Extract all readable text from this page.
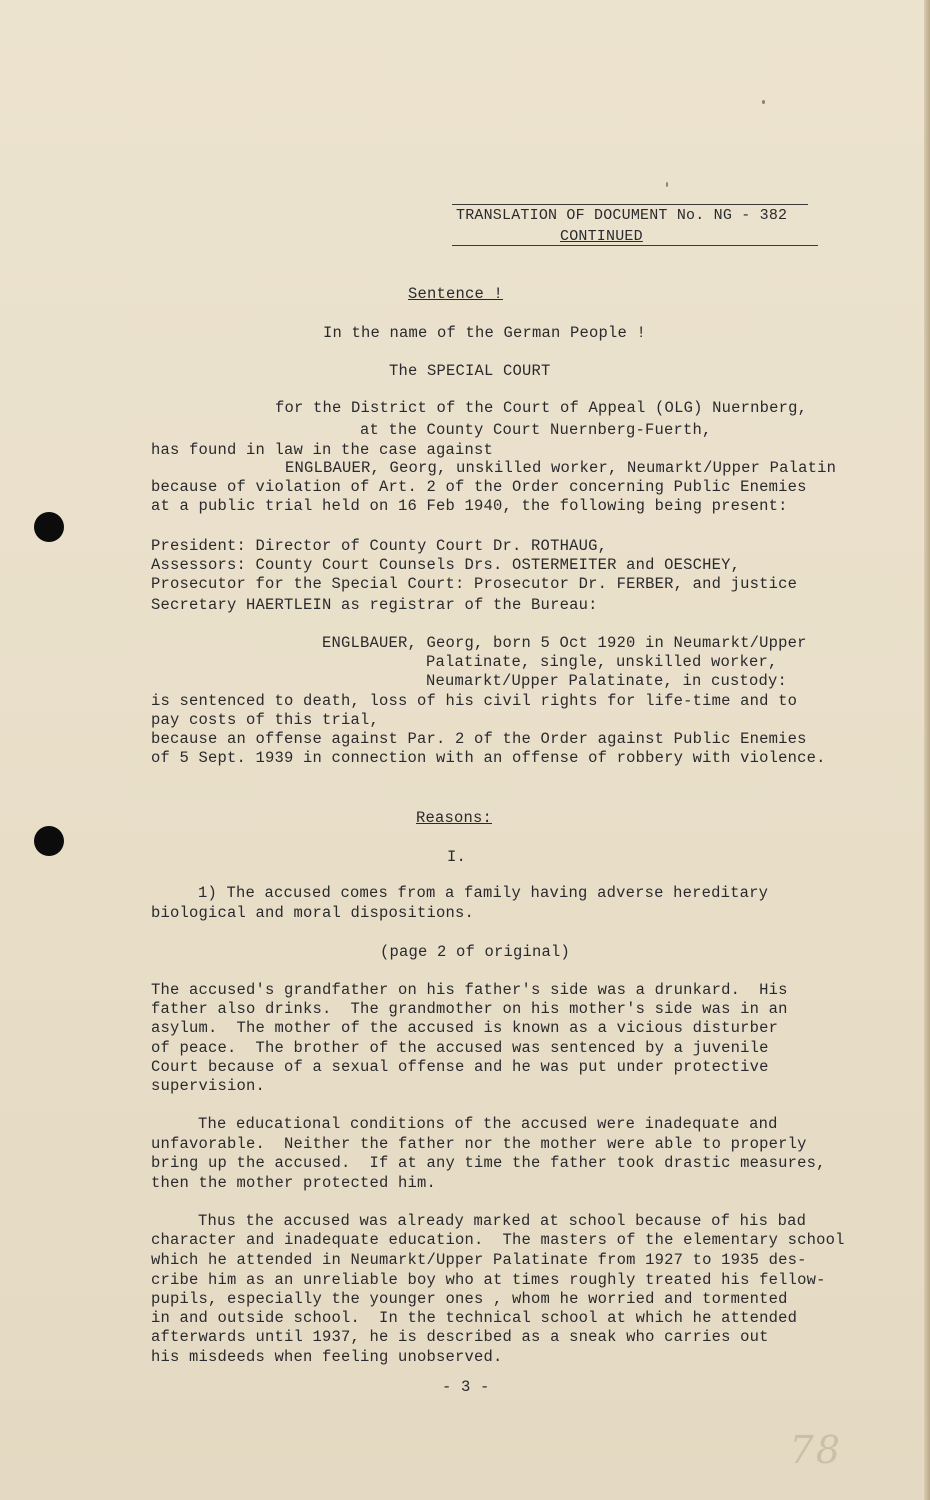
TRANSLATION OF DOCUMENT No. NG - 382
CONTINUED
Sentence !
In the name of the German People !
The SPECIAL COURT
for the District of the Court of Appeal (OLG) Nuernberg,
at the County Court Nuernberg-Fuerth,
has found in law in the case against
ENGLBAUER, Georg, unskilled worker, Neumarkt/Upper Palatin
because of violation of Art. 2 of the Order concerning Public Enemies
at a public trial held on 16 Feb 1940, the following being present:
President: Director of County Court Dr. ROTHAUG,
Assessors: County Court Counsels Drs. OSTERMEITER and OESCHEY,
Prosecutor for the Special Court: Prosecutor Dr. FERBER, and justice
Secretary HAERTLEIN as registrar of the Bureau:
ENGLBAUER, Georg, born 5 Oct 1920 in Neumarkt/Upper
Palatinate, single, unskilled worker,
Neumarkt/Upper Palatinate, in custody:
is sentenced to death, loss of his civil rights for life-time and to
pay costs of this trial,
because an offense against Par. 2 of the Order against Public Enemies
of 5 Sept. 1939 in connection with an offense of robbery with violence.
Reasons:
I.
1) The accused comes from a family having adverse hereditary
biological and moral dispositions.
(page 2 of original)
The accused's grandfather on his father's side was a drunkard.  His
father also drinks.  The grandmother on his mother's side was in an
asylum.  The mother of the accused is known as a vicious disturber
of peace.  The brother of the accused was sentenced by a juvenile
Court because of a sexual offense and he was put under protective
supervision.
The educational conditions of the accused were inadequate and
unfavorable.  Neither the father nor the mother were able to properly
bring up the accused.  If at any time the father took drastic measures,
then the mother protected him.
Thus the accused was already marked at school because of his bad
character and inadequate education.  The masters of the elementary school
which he attended in Neumarkt/Upper Palatinate from 1927 to 1935 des-
cribe him as an unreliable boy who at times roughly treated his fellow-
pupils, especially the younger ones , whom he worried and tormented
in and outside school.  In the technical school at which he attended
afterwards until 1937, he is described as a sneak who carries out
his misdeeds when feeling unobserved.
- 3 -
78
